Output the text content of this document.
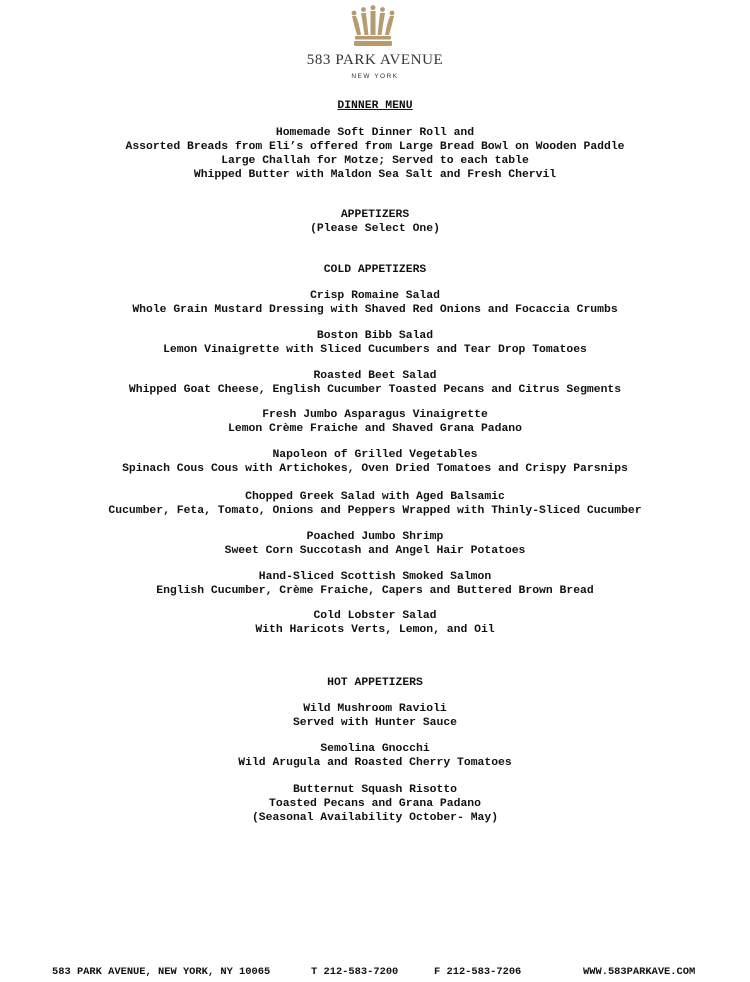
583 PARK AVENUE
NEW YORK
DINNER MENU
Homemade Soft Dinner Roll and
Assorted Breads from Eli’s offered from Large Bread Bowl on Wooden Paddle
Large Challah for Motze; Served to each table
Whipped Butter with Maldon Sea Salt and Fresh Chervil
APPETIZERS
(Please Select One)
COLD APPETIZERS
Crisp Romaine Salad
Whole Grain Mustard Dressing with Shaved Red Onions and Focaccia Crumbs
Boston Bibb Salad
Lemon Vinaigrette with Sliced Cucumbers and Tear Drop Tomatoes
Roasted Beet Salad
Whipped Goat Cheese, English Cucumber Toasted Pecans and Citrus Segments
Fresh Jumbo Asparagus Vinaigrette
Lemon Crème Fraiche and Shaved Grana Padano
Napoleon of Grilled Vegetables
Spinach Cous Cous with Artichokes, Oven Dried Tomatoes and Crispy Parsnips
Chopped Greek Salad with Aged Balsamic
Cucumber, Feta, Tomato, Onions and Peppers Wrapped with Thinly-Sliced Cucumber
Poached Jumbo Shrimp
Sweet Corn Succotash and Angel Hair Potatoes
Hand-Sliced Scottish Smoked Salmon
English Cucumber, Crème Fraiche, Capers and Buttered Brown Bread
Cold Lobster Salad
With Haricots Verts, Lemon, and Oil
HOT APPETIZERS
Wild Mushroom Ravioli
Served with Hunter Sauce
Semolina Gnocchi
Wild Arugula and Roasted Cherry Tomatoes
Butternut Squash Risotto
Toasted Pecans and Grana Padano
(Seasonal Availability October- May)
583 PARK AVENUE, NEW YORK, NY 10065	T 212-583-7200	F 212-583-7206	WWW.583PARKAVE.COM
